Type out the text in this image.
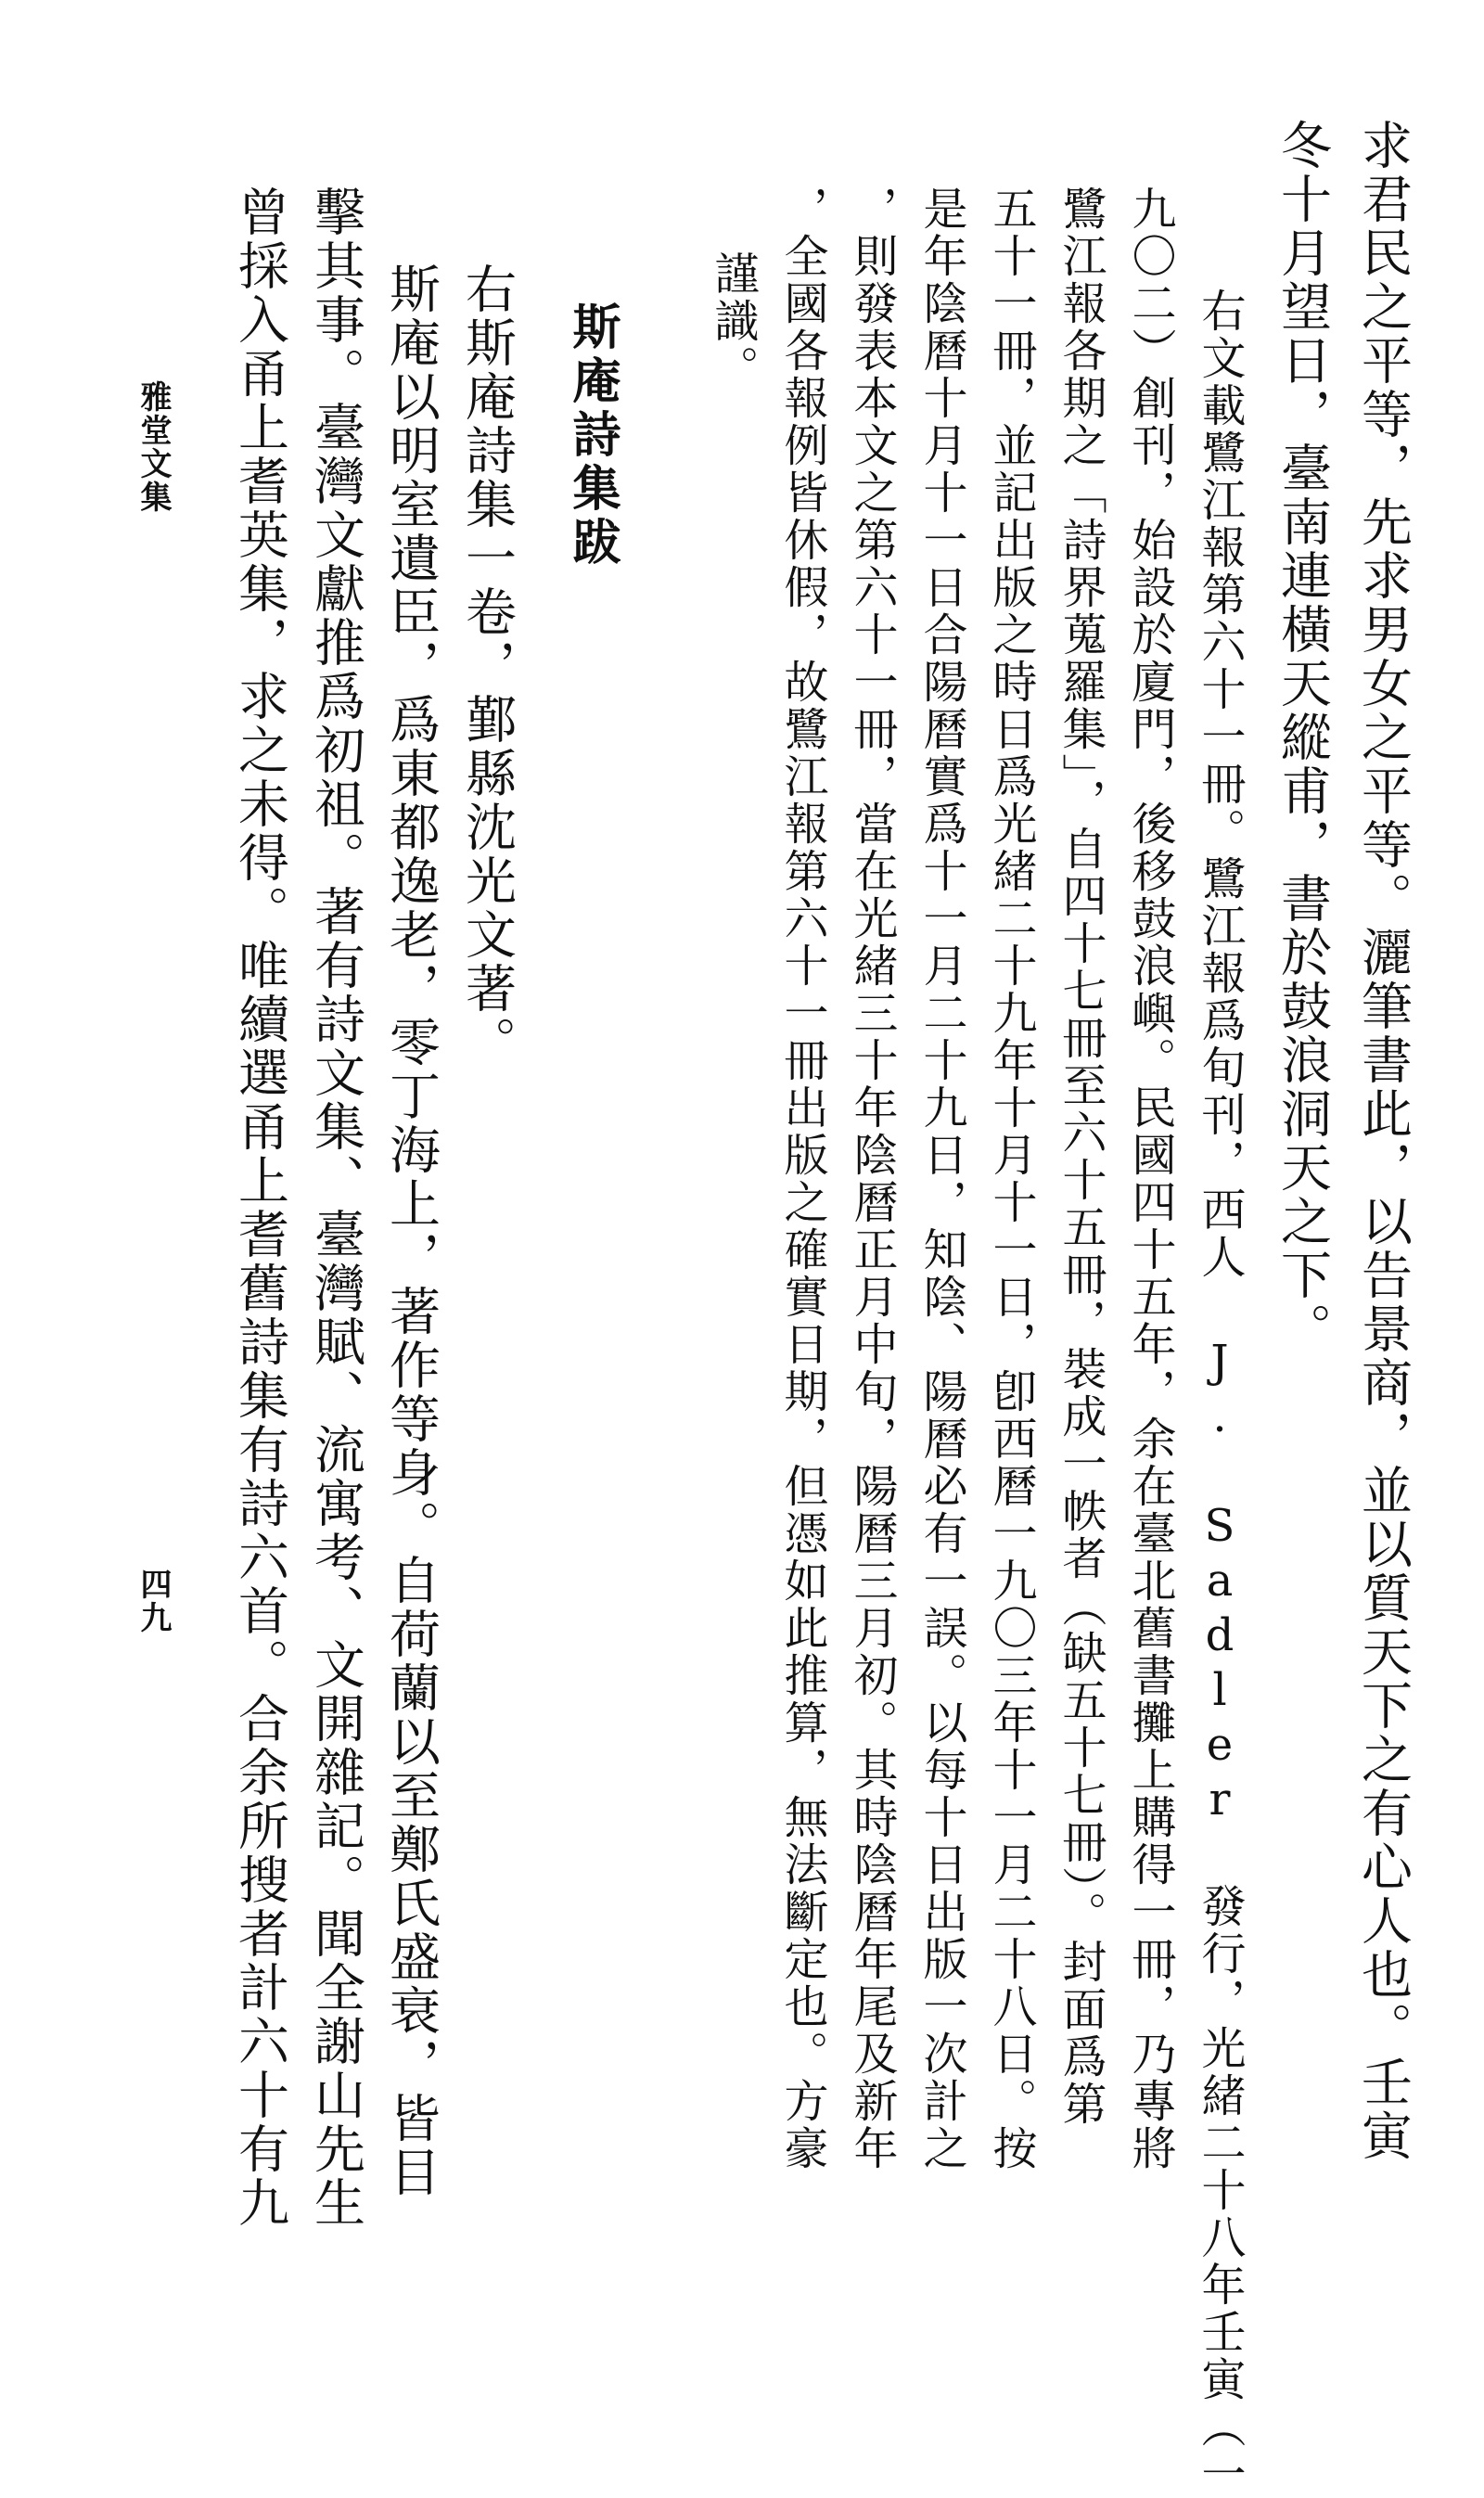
求君民之平等，先求男女之平等。灑筆書此，以告景商，並以質天下之有心人也。壬寅
冬十月望日，臺南連橫天縱甫，書於鼓浪洞天之下。
右文載鷺江報第六十一冊。鷺江報爲旬刊，西人 J. Sadler 發行，光緒二十八年壬寅（一
九〇二）創刊，始設於廈門，後移鼓浪嶼。民國四十五年，余在臺北舊書攤上購得一冊，乃專將
鷺江報各期之「詩界蒐羅集」，自四十七冊至六十五冊，裝成一帙者（缺五十七冊）。封面爲第
五十一冊，並記出版之時日爲光緒二十九年十月十一日，卽西曆一九〇三年十一月二十八日。按
是年陰曆十月十一日合陽曆實爲十一月二十九日，知陰、陽曆必有一誤。以每十日出版一次計之
，則發表本文之第六十一冊，當在光緒三十年陰曆正月中旬，陽曆三月初。其時陰曆年尾及新年
，全國各報例皆休假，故鷺江報第六十一冊出版之確實日期，但憑如此推算，無法斷定也。方豪
謹識。
斯庵詩集跋
右斯庵詩集一卷，鄞縣沈光文著。
斯庵以明室遺臣，爲東都逸老，零丁海上，著作等身。自荷蘭以至鄭氏盛衰，皆目
擊其事。臺灣文獻推爲初祖。著有詩文集、臺灣賦、流寓考、文開雜記。聞全謝山先生
曾採入甬上耆英集，求之未得。唯續選甬上耆舊詩集有詩六首。合余所搜者計六十有九
雅堂文集
四九
